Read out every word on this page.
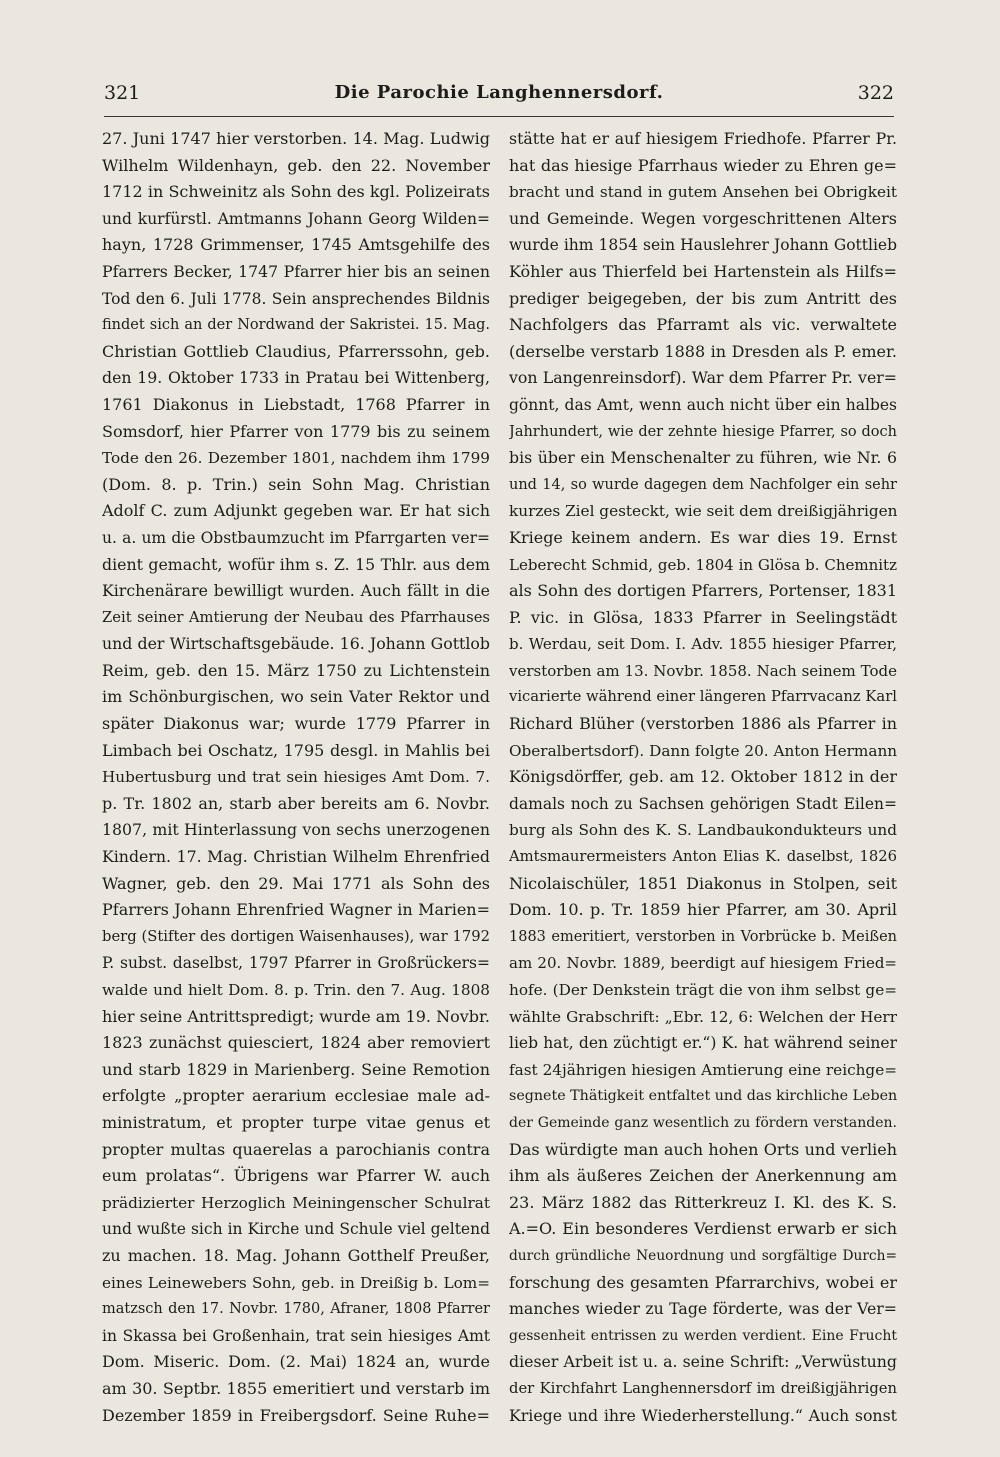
321	Die Parochie Langhennersdorf.	322
27. Juni 1747 hier verstorben. 14. Mag. Ludwig
Wilhelm Wildenhayn, geb. den 22. November
1712 in Schweinitz als Sohn des kgl. Polizeirats
und kurfürstl. Amtmanns Johann Georg Wilden=
hayn, 1728 Grimmenser, 1745 Amtsgehilfe des
Pfarrers Becker, 1747 Pfarrer hier bis an seinen
Tod den 6. Juli 1778. Sein ansprechendes Bildnis
findet sich an der Nordwand der Sakristei. 15. Mag.
Christian Gottlieb Claudius, Pfarrerssohn, geb.
den 19. Oktober 1733 in Pratau bei Wittenberg,
1761 Diakonus in Liebstadt, 1768 Pfarrer in
Somsdorf, hier Pfarrer von 1779 bis zu seinem
Tode den 26. Dezember 1801, nachdem ihm 1799
(Dom. 8. p. Trin.) sein Sohn Mag. Christian
Adolf C. zum Adjunkt gegeben war. Er hat sich
u. a. um die Obstbaumzucht im Pfarrgarten ver=
dient gemacht, wofür ihm s. Z. 15 Thlr. aus dem
Kirchenärare bewilligt wurden. Auch fällt in die
Zeit seiner Amtierung der Neubau des Pfarrhauses
und der Wirtschaftsgebäude. 16. Johann Gottlob
Reim, geb. den 15. März 1750 zu Lichtenstein
im Schönburgischen, wo sein Vater Rektor und
später Diakonus war; wurde 1779 Pfarrer in
Limbach bei Oschatz, 1795 desgl. in Mahlis bei
Hubertusburg und trat sein hiesiges Amt Dom. 7.
p. Tr. 1802 an, starb aber bereits am 6. Novbr.
1807, mit Hinterlassung von sechs unerzogenen
Kindern. 17. Mag. Christian Wilhelm Ehrenfried
Wagner, geb. den 29. Mai 1771 als Sohn des
Pfarrers Johann Ehrenfried Wagner in Marien=
berg (Stifter des dortigen Waisenhauses), war 1792
P. subst. daselbst, 1797 Pfarrer in Großrückers=
walde und hielt Dom. 8. p. Trin. den 7. Aug. 1808
hier seine Antrittspredigt; wurde am 19. Novbr.
1823 zunächst quiesciert, 1824 aber removiert
und starb 1829 in Marienberg. Seine Remotion
erfolgte „propter aerarium ecclesiae male ad-
ministratum, et propter turpe vitae genus et
propter multas quaerelas a parochianis contra
eum prolatas“. Übrigens war Pfarrer W. auch
prädizierter Herzoglich Meiningenscher Schulrat
und wußte sich in Kirche und Schule viel geltend
zu machen. 18. Mag. Johann Gotthelf Preußer,
eines Leinewebers Sohn, geb. in Dreißig b. Lom=
matzsch den 17. Novbr. 1780, Afraner, 1808 Pfarrer
in Skassa bei Großenhain, trat sein hiesiges Amt
Dom. Miseric. Dom. (2. Mai) 1824 an, wurde
am 30. Septbr. 1855 emeritiert und verstarb im
Dezember 1859 in Freibergsdorf. Seine Ruhe=
stätte hat er auf hiesigem Friedhofe. Pfarrer Pr.
hat das hiesige Pfarrhaus wieder zu Ehren ge=
bracht und stand in gutem Ansehen bei Obrigkeit
und Gemeinde. Wegen vorgeschrittenen Alters
wurde ihm 1854 sein Hauslehrer Johann Gottlieb
Köhler aus Thierfeld bei Hartenstein als Hilfs=
prediger beigegeben, der bis zum Antritt des
Nachfolgers das Pfarramt als vic. verwaltete
(derselbe verstarb 1888 in Dresden als P. emer.
von Langenreinsdorf). War dem Pfarrer Pr. ver=
gönnt, das Amt, wenn auch nicht über ein halbes
Jahrhundert, wie der zehnte hiesige Pfarrer, so doch
bis über ein Menschenalter zu führen, wie Nr. 6
und 14, so wurde dagegen dem Nachfolger ein sehr
kurzes Ziel gesteckt, wie seit dem dreißigjährigen
Kriege keinem andern. Es war dies 19. Ernst
Leberecht Schmid, geb. 1804 in Glösa b. Chemnitz
als Sohn des dortigen Pfarrers, Portenser, 1831
P. vic. in Glösa, 1833 Pfarrer in Seelingstädt
b. Werdau, seit Dom. I. Adv. 1855 hiesiger Pfarrer,
verstorben am 13. Novbr. 1858. Nach seinem Tode
vicarierte während einer längeren Pfarrvacanz Karl
Richard Blüher (verstorben 1886 als Pfarrer in
Oberalbertsdorf). Dann folgte 20. Anton Hermann
Königsdörffer, geb. am 12. Oktober 1812 in der
damals noch zu Sachsen gehörigen Stadt Eilen=
burg als Sohn des K. S. Landbaukondukteurs und
Amtsmaurermeisters Anton Elias K. daselbst, 1826
Nicolaischüler, 1851 Diakonus in Stolpen, seit
Dom. 10. p. Tr. 1859 hier Pfarrer, am 30. April
1883 emeritiert, verstorben in Vorbrücke b. Meißen
am 20. Novbr. 1889, beerdigt auf hiesigem Fried=
hofe. (Der Denkstein trägt die von ihm selbst ge=
wählte Grabschrift: „Ebr. 12, 6: Welchen der Herr
lieb hat, den züchtigt er.“) K. hat während seiner
fast 24jährigen hiesigen Amtierung eine reichge=
segnete Thätigkeit entfaltet und das kirchliche Leben
der Gemeinde ganz wesentlich zu fördern verstanden.
Das würdigte man auch hohen Orts und verlieh
ihm als äußeres Zeichen der Anerkennung am
23. März 1882 das Ritterkreuz I. Kl. des K. S.
A.=O. Ein besonderes Verdienst erwarb er sich
durch gründliche Neuordnung und sorgfältige Durch=
forschung des gesamten Pfarrarchivs, wobei er
manches wieder zu Tage förderte, was der Ver=
gessenheit entrissen zu werden verdient. Eine Frucht
dieser Arbeit ist u. a. seine Schrift: „Verwüstung
der Kirchfahrt Langhennersdorf im dreißigjährigen
Kriege und ihre Wiederherstellung.“ Auch sonst
